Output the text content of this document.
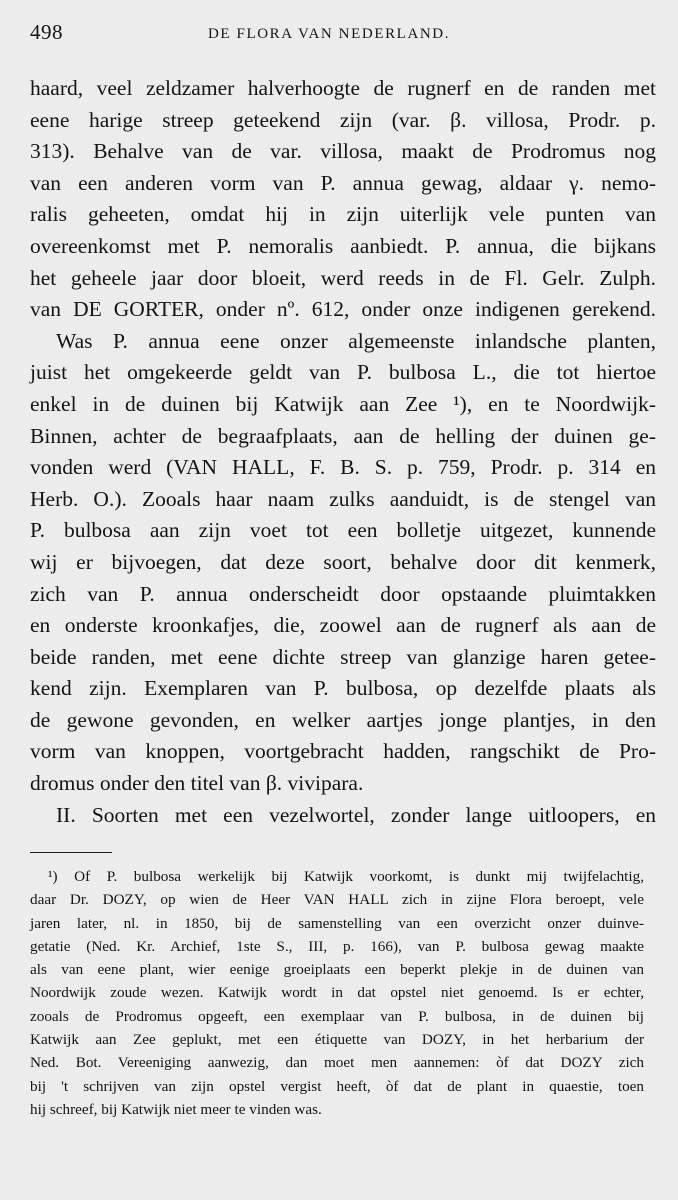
498	DE FLORA VAN NEDERLAND.
haard, veel zeldzamer halverhoogte de rugnerf en de randen met
eene harige streep geteekend zijn (var. β. villosa, Prodr. p.
313). Behalve van de var. villosa, maakt de Prodromus nog
van een anderen vorm van P. annua gewag, aldaar γ. nemo-
ralis geheeten, omdat hij in zijn uiterlijk vele punten van
overeenkomst met P. nemoralis aanbiedt. P. annua, die bijkans
het geheele jaar door bloeit, werd reeds in de Fl. Gelr. Zulph.
van DE GORTER, onder nº. 612, onder onze indigenen gerekend.
Was P. annua eene onzer algemeenste inlandsche planten,
juist het omgekeerde geldt van P. bulbosa L., die tot hiertoe
enkel in de duinen bij Katwijk aan Zee ¹), en te Noordwijk-
Binnen, achter de begraafplaats, aan de helling der duinen ge-
vonden werd (VAN HALL, F. B. S. p. 759, Prodr. p. 314 en
Herb. O.). Zooals haar naam zulks aanduidt, is de stengel van
P. bulbosa aan zijn voet tot een bolletje uitgezet, kunnende
wij er bijvoegen, dat deze soort, behalve door dit kenmerk,
zich van P. annua onderscheidt door opstaande pluimtakken
en onderste kroonkafjes, die, zoowel aan de rugnerf als aan de
beide randen, met eene dichte streep van glanzige haren getee-
kend zijn. Exemplaren van P. bulbosa, op dezelfde plaats als
de gewone gevonden, en welker aartjes jonge plantjes, in den
vorm van knoppen, voortgebracht hadden, rangschikt de Pro-
dromus onder den titel van β. vivipara.
II. Soorten met een vezelwortel, zonder lange uitloopers, en
¹) Of P. bulbosa werkelijk bij Katwijk voorkomt, is dunkt mij twijfelachtig,
daar Dr. DOZY, op wien de Heer VAN HALL zich in zijne Flora beroept, vele
jaren later, nl. in 1850, bij de samenstelling van een overzicht onzer duinve-
getatie (Ned. Kr. Archief, 1ste S., III, p. 166), van P. bulbosa gewag maakte
als van eene plant, wier eenige groeiplaats een beperkt plekje in de duinen van
Noordwijk zoude wezen. Katwijk wordt in dat opstel niet genoemd. Is er echter,
zooals de Prodromus opgeeft, een exemplaar van P. bulbosa, in de duinen bij
Katwijk aan Zee geplukt, met een étiquette van DOZY, in het herbarium der
Ned. Bot. Vereeniging aanwezig, dan moet men aannemen: òf dat DOZY zich
bij 't schrijven van zijn opstel vergist heeft, òf dat de plant in quaestie, toen
hij schreef, bij Katwijk niet meer te vinden was.
